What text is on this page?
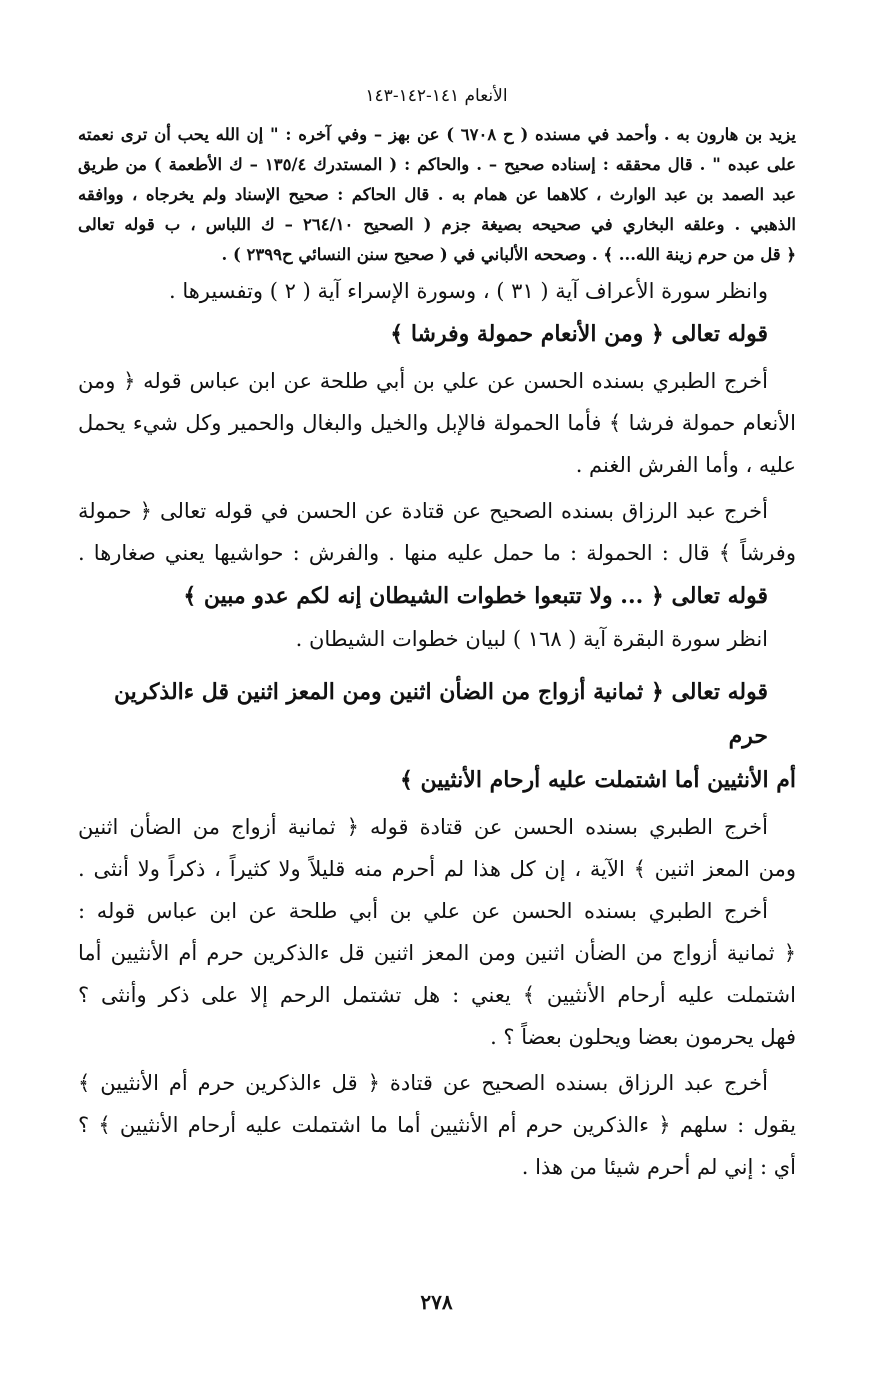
الأنعام ١٤١-١٤٢-١٤٣
يزيد بن هارون به . وأحمد في مسنده ( ح ٦٧٠٨ ) عن بهز – وفي آخره : " إن الله يحب أن ترى نعمته
على عبده " . قال محققه : إسناده صحيح – . والحاكم : ( المستدرك ١٣٥/٤ – ك الأطعمة ) من طريق
عبد الصمد بن عبد الوارث ، كلاهما عن همام به . قال الحاكم : صحيح الإسناد ولم يخرجاه ، ووافقه
الذهبي . وعلقه البخاري في صحيحه بصيغة جزم ( الصحيح ٢٦٤/١٠ – ك اللباس ، ب قوله تعالى
﴿ قل من حرم زينة الله... ﴾ . وصححه الألباني في ( صحيح سنن النسائي ح٢٣٩٩ ) .
وانظر سورة الأعراف آية ( ٣١ ) ، وسورة الإسراء آية ( ٢ ) وتفسيرها .
قوله تعالى ﴿ ومن الأنعام حمولة وفرشا ﴾
أخرج الطبري بسنده الحسن عن علي بن أبي طلحة عن ابن عباس قوله ﴿ ومن
الأنعام حمولة فرشا ﴾ فأما الحمولة فالإبل والخيل والبغال والحمير وكل شيء يحمل
عليه ، وأما الفرش الغنم .
أخرج عبد الرزاق بسنده الصحيح عن قتادة عن الحسن في قوله تعالى ﴿ حمولة
وفرشاً ﴾ قال : الحمولة : ما حمل عليه منها . والفرش : حواشيها يعني صغارها .
قوله تعالى ﴿ ... ولا تتبعوا خطوات الشيطان إنه لكم عدو مبين ﴾
انظر سورة البقرة آية ( ١٦٨ ) لبيان خطوات الشيطان .
قوله تعالى ﴿ ثمانية أزواج من الضأن اثنين ومن المعز اثنين قل ءالذكرين حرم
أم الأنثيين أما اشتملت عليه أرحام الأنثيين ﴾
أخرج الطبري بسنده الحسن عن قتادة قوله ﴿ ثمانية أزواج من الضأن اثنين
ومن المعز اثنين ﴾ الآية ، إن كل هذا لم أحرم منه قليلاً ولا كثيراً ، ذكراً ولا أنثى .
أخرج الطبري بسنده الحسن عن علي بن أبي طلحة عن ابن عباس قوله :
﴿ ثمانية أزواج من الضأن اثنين ومن المعز اثنين قل ءالذكرين حرم أم الأنثيين أما
اشتملت عليه أرحام الأنثيين ﴾ يعني : هل تشتمل الرحم إلا على ذكر وأنثى ؟
فهل يحرمون بعضا ويحلون بعضاً ؟ .
أخرج عبد الرزاق بسنده الصحيح عن قتادة ﴿ قل ءالذكرين حرم أم الأنثيين ﴾
يقول : سلهم ﴿ ءالذكرين حرم أم الأنثيين أما ما اشتملت عليه أرحام الأنثيين ﴾ ؟
أي : إني لم أحرم شيئا من هذا .
٢٧٨
